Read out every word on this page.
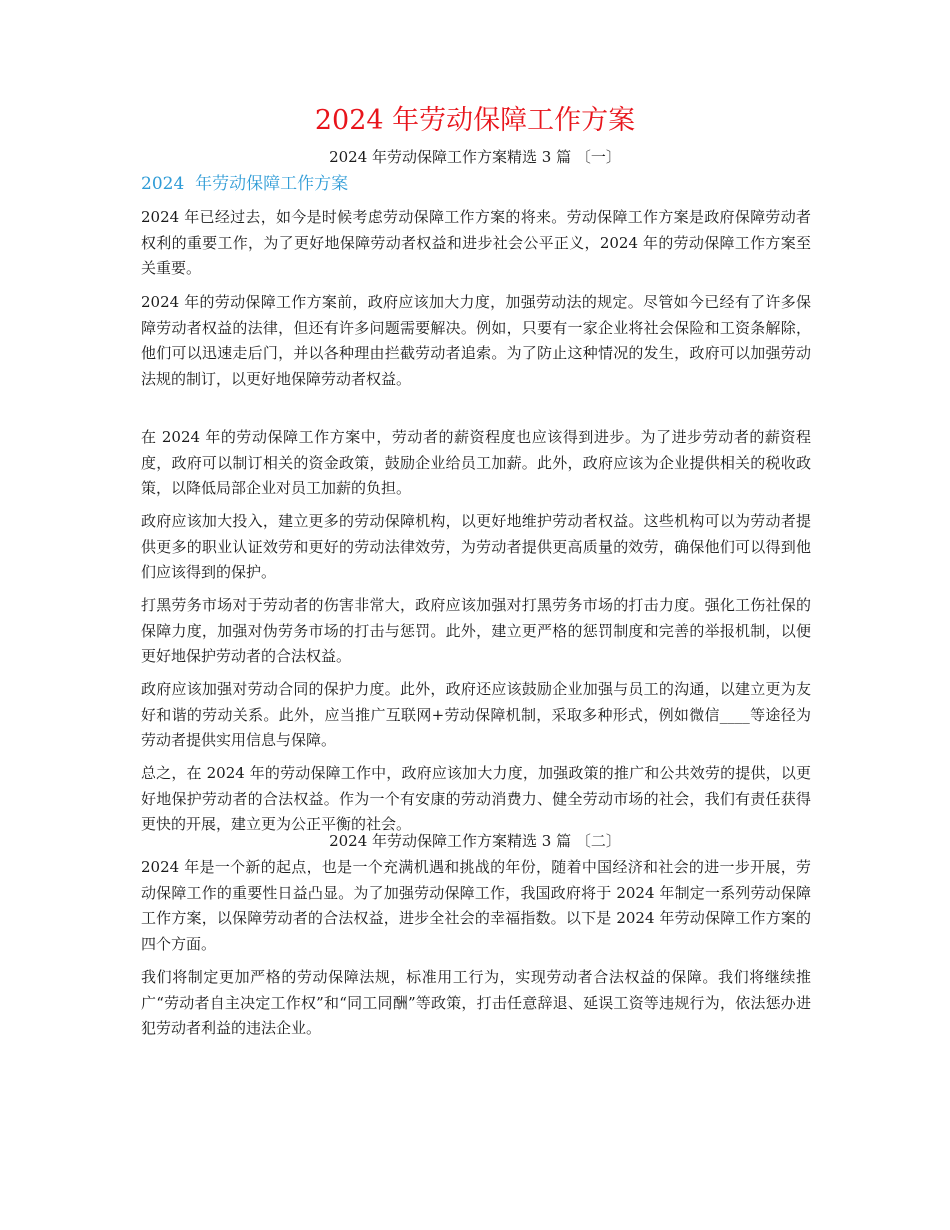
2024 年劳动保障工作方案

2024 年劳动保障工作方案精选 3 篇 〔一〕

2024  年劳动保障工作方案

2024 年已经过去，如今是时候考虑劳动保障工作方案的将来。劳动保障工作方案是政府保障劳动者权利的重要工作，为了更好地保障劳动者权益和进步社会公平正义，2024 年的劳动保障工作方案至关重要。

2024 年的劳动保障工作方案前，政府应该加大力度，加强劳动法的规定。尽管如今已经有了许多保障劳动者权益的法律，但还有许多问题需要解决。例如，只要有一家企业将社会保险和工资条解除，他们可以迅速走后门，并以各种理由拦截劳动者追索。为了防止这种情况的发生，政府可以加强劳动法规的制订，以更好地保障劳动者权益。

在 2024 年的劳动保障工作方案中，劳动者的薪资程度也应该得到进步。为了进步劳动者的薪资程度，政府可以制订相关的资金政策，鼓励企业给员工加薪。此外，政府应该为企业提供相关的税收政策，以降低局部企业对员工加薪的负担。

政府应该加大投入，建立更多的劳动保障机构，以更好地维护劳动者权益。这些机构可以为劳动者提供更多的职业认证效劳和更好的劳动法律效劳，为劳动者提供更高质量的效劳，确保他们可以得到他们应该得到的保护。

打黑劳务市场对于劳动者的伤害非常大，政府应该加强对打黑劳务市场的打击力度。强化工伤社保的保障力度，加强对伪劳务市场的打击与惩罚。此外，建立更严格的惩罚制度和完善的举报机制，以便更好地保护劳动者的合法权益。

政府应该加强对劳动合同的保护力度。此外，政府还应该鼓励企业加强与员工的沟通，以建立更为友好和谐的劳动关系。此外，应当推广互联网+劳动保障机制，采取多种形式，例如微信____等途径为劳动者提供实用信息与保障。

总之，在 2024 年的劳动保障工作中，政府应该加大力度，加强政策的推广和公共效劳的提供，以更好地保护劳动者的合法权益。作为一个有安康的劳动消费力、健全劳动市场的社会，我们有责任获得更快的开展，建立更为公正平衡的社会。

2024 年劳动保障工作方案精选 3 篇 〔二〕

2024 年是一个新的起点，也是一个充满机遇和挑战的年份，随着中国经济和社会的进一步开展，劳动保障工作的重要性日益凸显。为了加强劳动保障工作，我国政府将于 2024 年制定一系列劳动保障工作方案，以保障劳动者的合法权益，进步全社会的幸福指数。以下是 2024 年劳动保障工作方案的四个方面。

我们将制定更加严格的劳动保障法规，标准用工行为，实现劳动者合法权益的保障。我们将继续推广“劳动者自主决定工作权”和“同工同酬”等政策，打击任意辞退、延误工资等违规行为，依法惩办进犯劳动者利益的违法企业。
